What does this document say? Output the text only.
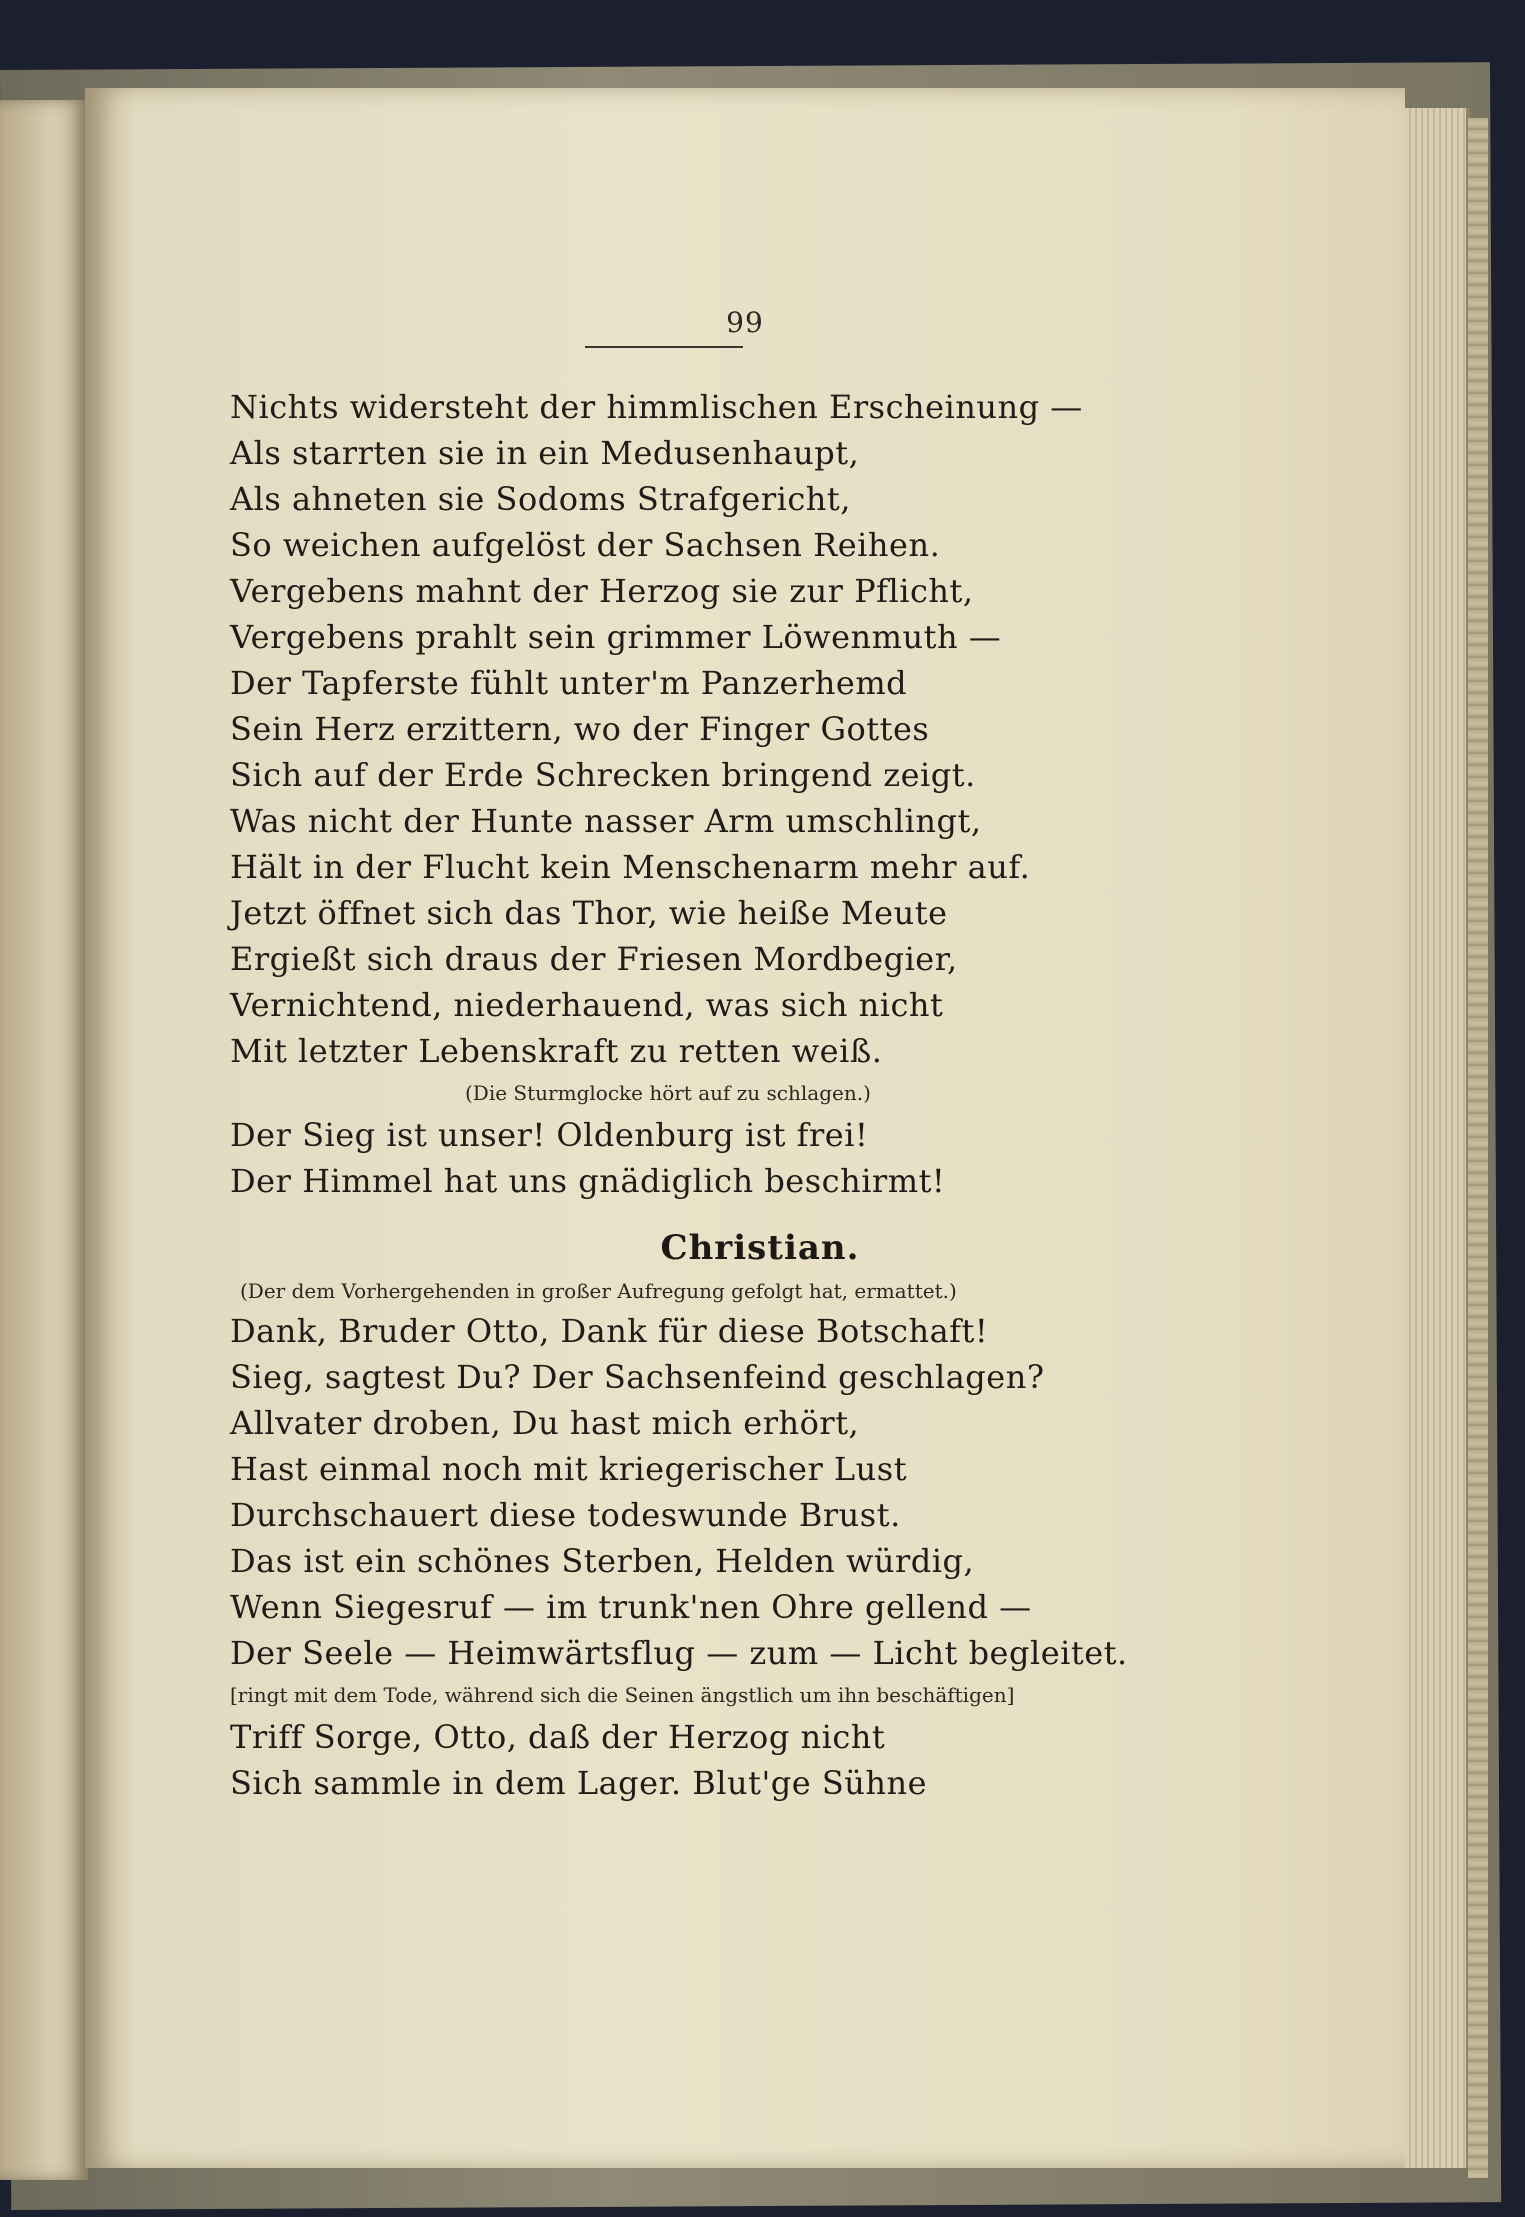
99
Nichts widersteht der himmlischen Erscheinung —
Als starrten sie in ein Medusenhaupt,
Als ahneten sie Sodoms Strafgericht,
So weichen aufgelöst der Sachsen Reihen.
Vergebens mahnt der Herzog sie zur Pflicht,
Vergebens prahlt sein grimmer Löwenmuth —
Der Tapferste fühlt unter'm Panzerhemd
Sein Herz erzittern, wo der Finger Gottes
Sich auf der Erde Schrecken bringend zeigt.
Was nicht der Hunte nasser Arm umschlingt,
Hält in der Flucht kein Menschenarm mehr auf.
Jetzt öffnet sich das Thor, wie heiße Meute
Ergießt sich draus der Friesen Mordbegier,
Vernichtend, niederhauend, was sich nicht
Mit letzter Lebenskraft zu retten weiß.
(Die Sturmglocke hört auf zu schlagen.)
Der Sieg ist unser! Oldenburg ist frei!
Der Himmel hat uns gnädiglich beschirmt!
Christian.
(Der dem Vorhergehenden in großer Aufregung gefolgt hat, ermattet.)
Dank, Bruder Otto, Dank für diese Botschaft!
Sieg, sagtest Du? Der Sachsenfeind geschlagen?
Allvater droben, Du hast mich erhört,
Hast einmal noch mit kriegerischer Lust
Durchschauert diese todeswunde Brust.
Das ist ein schönes Sterben, Helden würdig,
Wenn Siegesruf — im trunk'nen Ohre gellend —
Der Seele — Heimwärtsflug — zum — Licht begleitet.
[ringt mit dem Tode, während sich die Seinen ängstlich um ihn beschäftigen]
Triff Sorge, Otto, daß der Herzog nicht
Sich sammle in dem Lager. Blut'ge Sühne
